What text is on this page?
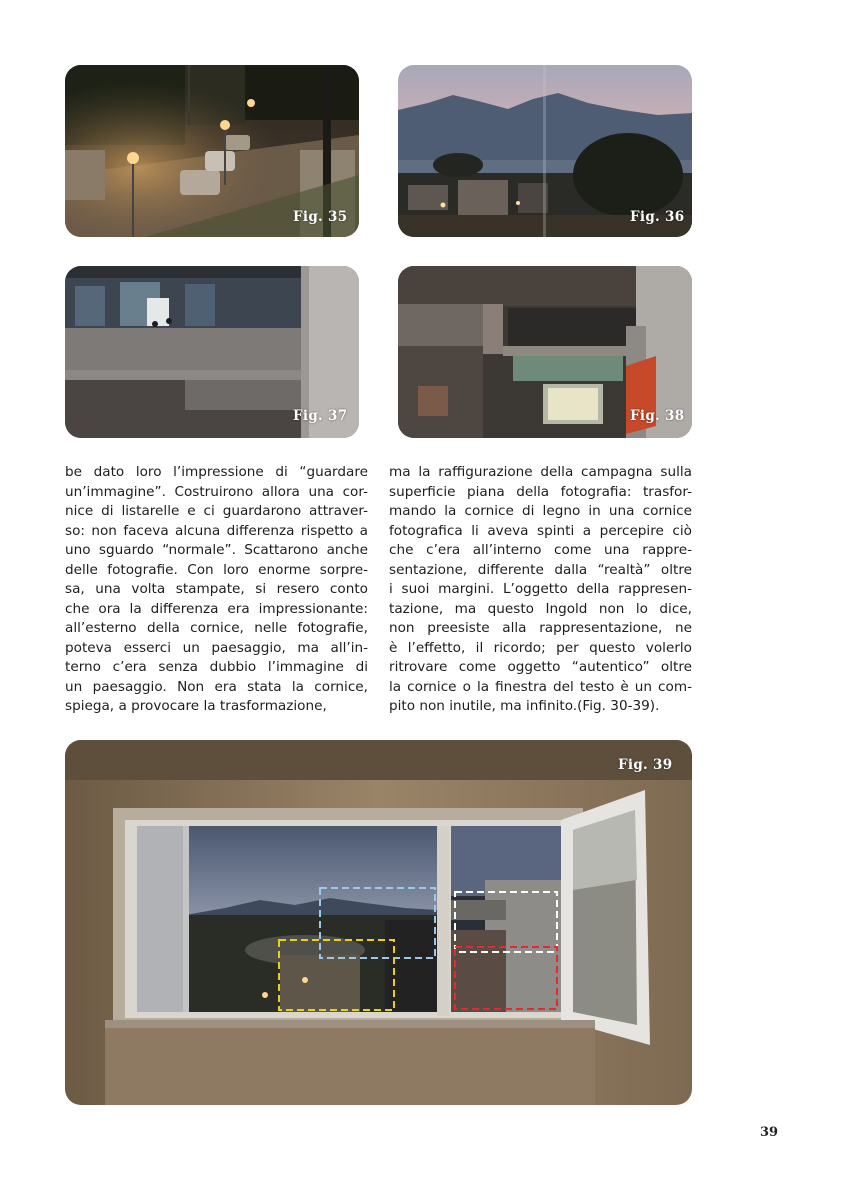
Fig. 35	Fig. 36
Fig. 37	Fig. 38
be dato loro l’impressione di “guardare
un’immagine”. Costruirono allora una cor-
nice di listarelle e ci guardarono attraver-
so: non faceva alcuna differenza rispetto a
uno sguardo “normale”. Scattarono anche
delle fotografie. Con loro enorme sorpre-
sa, una volta stampate, si resero conto
che ora la differenza era impressionante:
all’esterno della cornice, nelle fotografie,
poteva esserci un paesaggio, ma all’in-
terno c’era senza dubbio l’immagine di
un paesaggio. Non era stata la cornice,
spiega, a provocare la trasformazione,
ma la raffigurazione della campagna sulla
superficie piana della fotografia: trasfor-
mando la cornice di legno in una cornice
fotografica li aveva spinti a percepire ciò
che c’era all’interno come una rappre-
sentazione, differente dalla “realtà” oltre
i suoi margini. L’oggetto della rappresen-
tazione, ma questo Ingold non lo dice,
non preesiste alla rappresentazione, ne
è l’effetto, il ricordo; per questo volerlo
ritrovare come oggetto “autentico” oltre
la cornice o la finestra del testo è un com-
pito non inutile, ma infinito.(Fig. 30-39).
Fig. 39
39
